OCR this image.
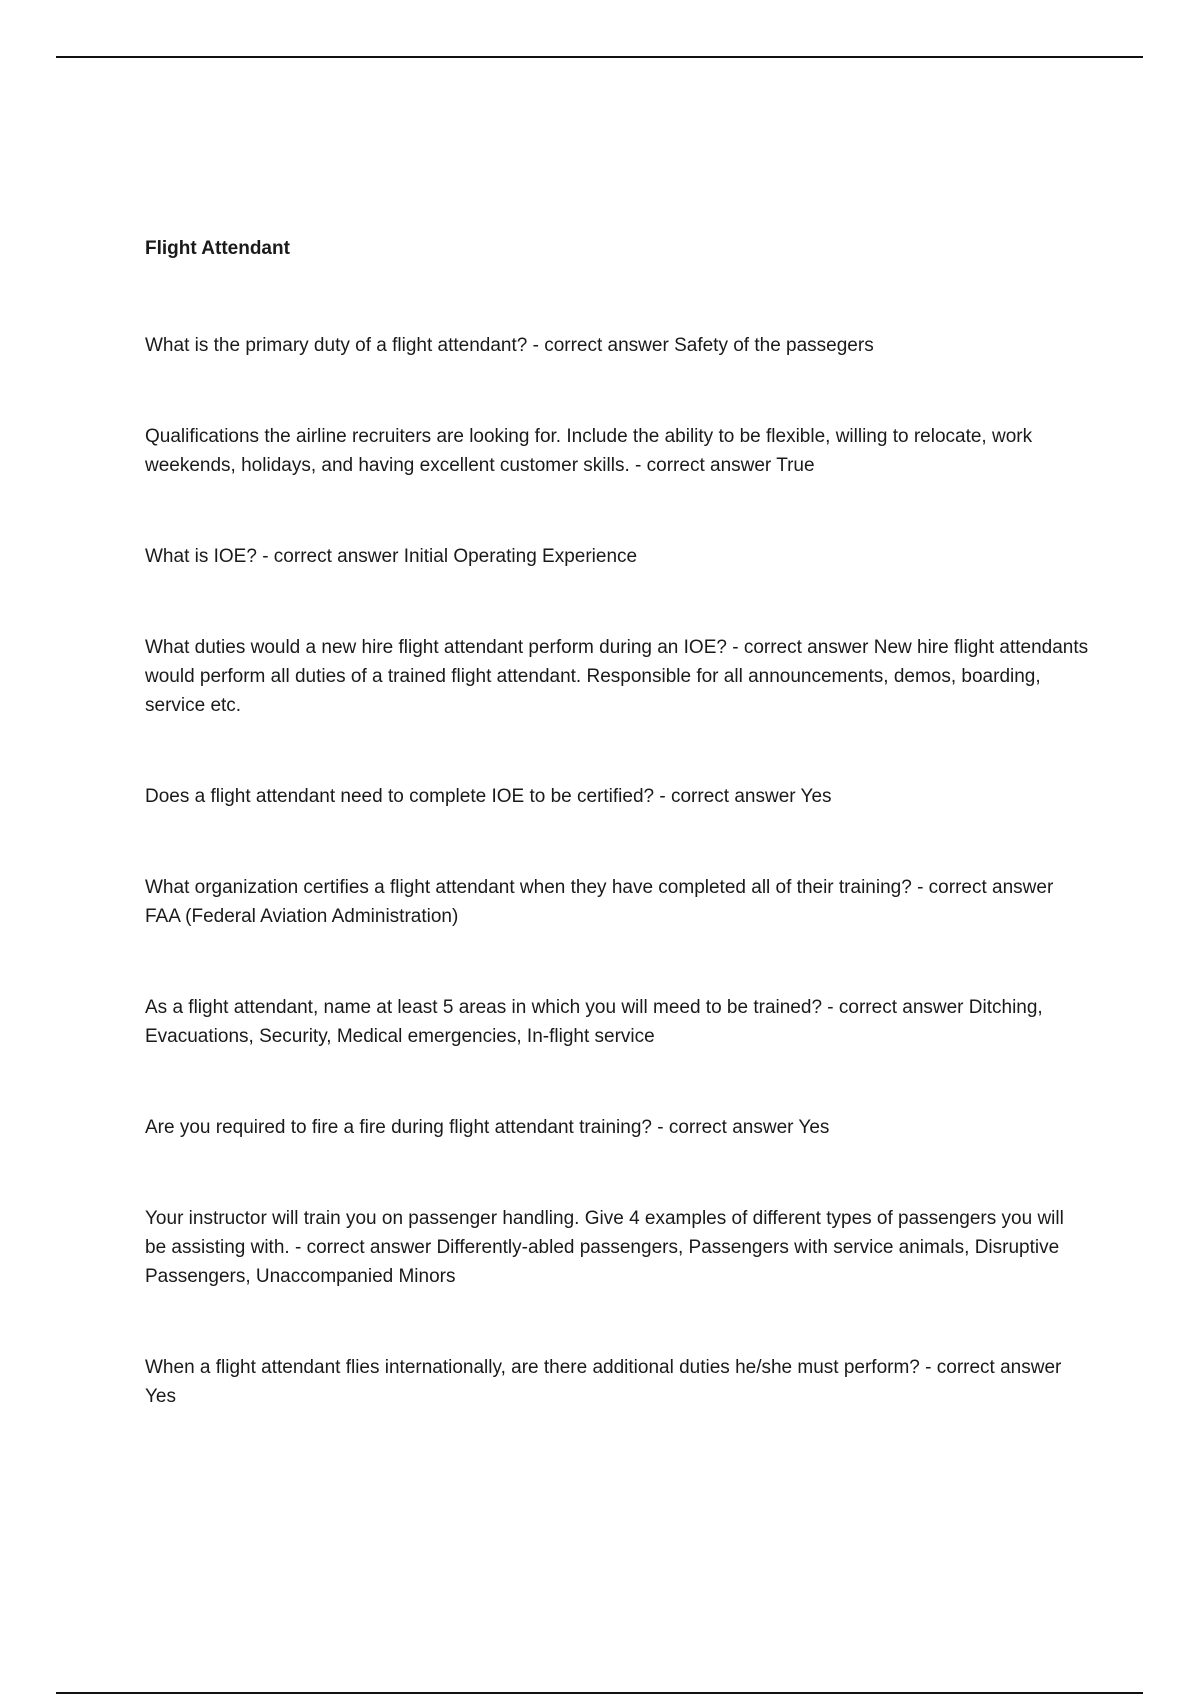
Flight Attendant
What is the primary duty of a flight attendant? - correct answer Safety of the passegers
Qualifications the airline recruiters are looking for. Include the ability to be flexible, willing to relocate, work weekends, holidays, and having excellent customer skills. - correct answer True
What is IOE? - correct answer Initial Operating Experience
What duties would a new hire flight attendant perform during an IOE? - correct answer New hire flight attendants would perform all duties of a trained flight attendant. Responsible for all announcements, demos, boarding, service etc.
Does a flight attendant need to complete IOE to be certified? - correct answer Yes
What organization certifies a flight attendant when they have completed all of their training? - correct answer FAA (Federal Aviation Administration)
As a flight attendant, name at least 5 areas in which you will meed to be trained? - correct answer Ditching, Evacuations, Security, Medical emergencies, In-flight service
Are you required to fire a fire during flight attendant training? - correct answer Yes
Your instructor will train you on passenger handling. Give 4 examples of different types of passengers you will be assisting with. - correct answer Differently-abled passengers, Passengers with service animals, Disruptive Passengers, Unaccompanied Minors
When a flight attendant flies internationally, are there additional duties he/she must perform? - correct answer Yes
